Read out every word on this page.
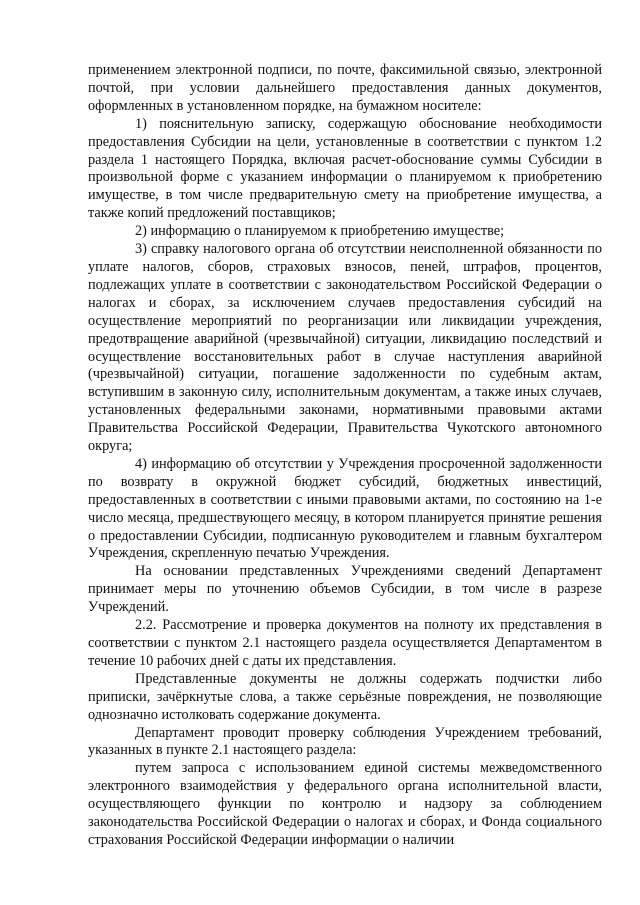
применением электронной подписи, по почте, факсимильной связью, электронной почтой, при условии дальнейшего предоставления данных документов, оформленных в установленном порядке, на бумажном носителе:

1) пояснительную записку, содержащую обоснование необходимости предоставления Субсидии на цели, установленные в соответствии с пунктом 1.2 раздела 1 настоящего Порядка, включая расчет-обоснование суммы Субсидии в произвольной форме с указанием информации о планируемом к приобретению имуществе, в том числе предварительную смету на приобретение имущества, а также копий предложений поставщиков;

2) информацию о планируемом к приобретению имуществе;

3) справку налогового органа об отсутствии неисполненной обязанности по уплате налогов, сборов, страховых взносов, пеней, штрафов, процентов, подлежащих уплате в соответствии с законодательством Российской Федерации о налогах и сборах, за исключением случаев предоставления субсидий на осуществление мероприятий по реорганизации или ликвидации учреждения, предотвращение аварийной (чрезвычайной) ситуации, ликвидацию последствий и осуществление восстановительных работ в случае наступления аварийной (чрезвычайной) ситуации, погашение задолженности по судебным актам, вступившим в законную силу, исполнительным документам, а также иных случаев, установленных федеральными законами, нормативными правовыми актами Правительства Российской Федерации, Правительства Чукотского автономного округа;

4) информацию об отсутствии у Учреждения просроченной задолженности по возврату в окружной бюджет субсидий, бюджетных инвестиций, предоставленных в соответствии с иными правовыми актами, по состоянию на 1-е число месяца, предшествующего месяцу, в котором планируется принятие решения о предоставлении Субсидии, подписанную руководителем и главным бухгалтером Учреждения, скрепленную печатью Учреждения.

На основании представленных Учреждениями сведений Департамент принимает меры по уточнению объемов Субсидии, в том числе в разрезе Учреждений.

2.2. Рассмотрение и проверка документов на полноту их представления в соответствии с пунктом 2.1 настоящего раздела осуществляется Департаментом в течение 10 рабочих дней с даты их представления.

Представленные документы не должны содержать подчистки либо приписки, зачёркнутые слова, а также серьёзные повреждения, не позволяющие однозначно истолковать содержание документа.

Департамент проводит проверку соблюдения Учреждением требований, указанных в пункте 2.1 настоящего раздела:

путем запроса с использованием единой системы межведомственного электронного взаимодействия у федерального органа исполнительной власти, осуществляющего функции по контролю и надзору за соблюдением законодательства Российской Федерации о налогах и сборах, и Фонда социального страхования Российской Федерации информации о наличии
